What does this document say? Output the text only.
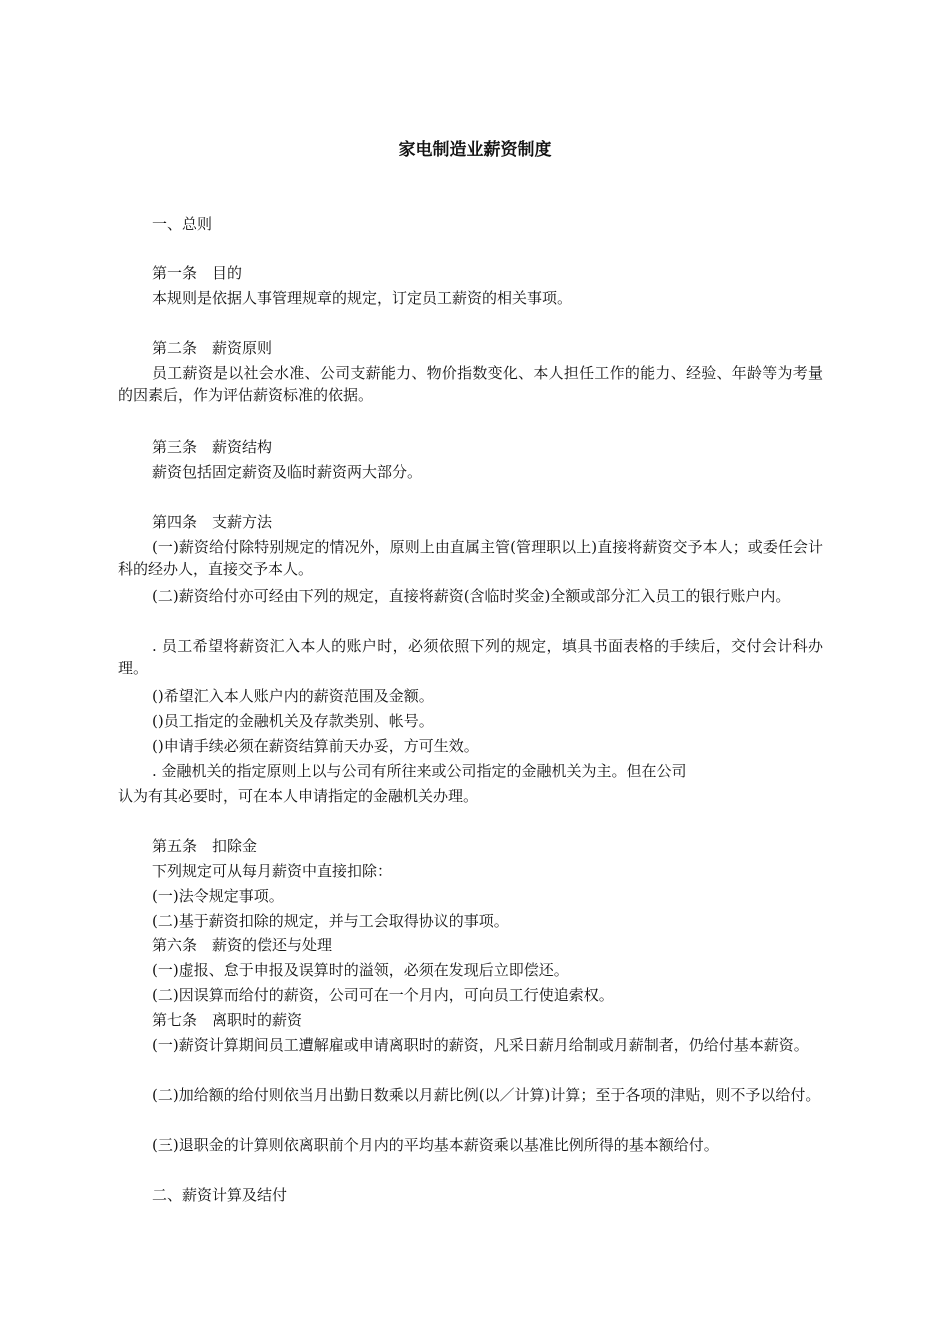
家电制造业薪资制度
一、总则
第一条　目的
本规则是依据人事管理规章的规定，订定员工薪资的相关事项。
第二条　薪资原则
员工薪资是以社会水准、公司支薪能力、物价指数变化、本人担任工作的能力、经验、年龄等为考量的因素后，作为评估薪资标准的依据。
第三条　薪资结构
薪资包括固定薪资及临时薪资两大部分。
第四条　支薪方法
(一)薪资给付除特别规定的情况外，原则上由直属主管(管理职以上)直接将薪资交予本人；或委任会计科的经办人，直接交予本人。
(二)薪资给付亦可经由下列的规定，直接将薪资(含临时奖金)全额或部分汇入员工的银行账户内。
. 员工希望将薪资汇入本人的账户时，必须依照下列的规定，填具书面表格的手续后，交付会计科办理。
()希望汇入本人账户内的薪资范围及金额。
()员工指定的金融机关及存款类别、帐号。
()申请手续必须在薪资结算前天办妥，方可生效。
. 金融机关的指定原则上以与公司有所往来或公司指定的金融机关为主。但在公司
认为有其必要时，可在本人申请指定的金融机关办理。
第五条　扣除金
下列规定可从每月薪资中直接扣除：
(一)法令规定事项。
(二)基于薪资扣除的规定，并与工会取得协议的事项。
第六条　薪资的偿还与处理
(一)虚报、怠于申报及误算时的溢领，必须在发现后立即偿还。
(二)因误算而给付的薪资，公司可在一个月内，可向员工行使追索权。
第七条　离职时的薪资
(一)薪资计算期间员工遭解雇或申请离职时的薪资，凡采日薪月给制或月薪制者，仍给付基本薪资。
(二)加给额的给付则依当月出勤日数乘以月薪比例(以／计算)计算；至于各项的津贴，则不予以给付。
(三)退职金的计算则依离职前个月内的平均基本薪资乘以基准比例所得的基本额给付。
二、薪资计算及结付
